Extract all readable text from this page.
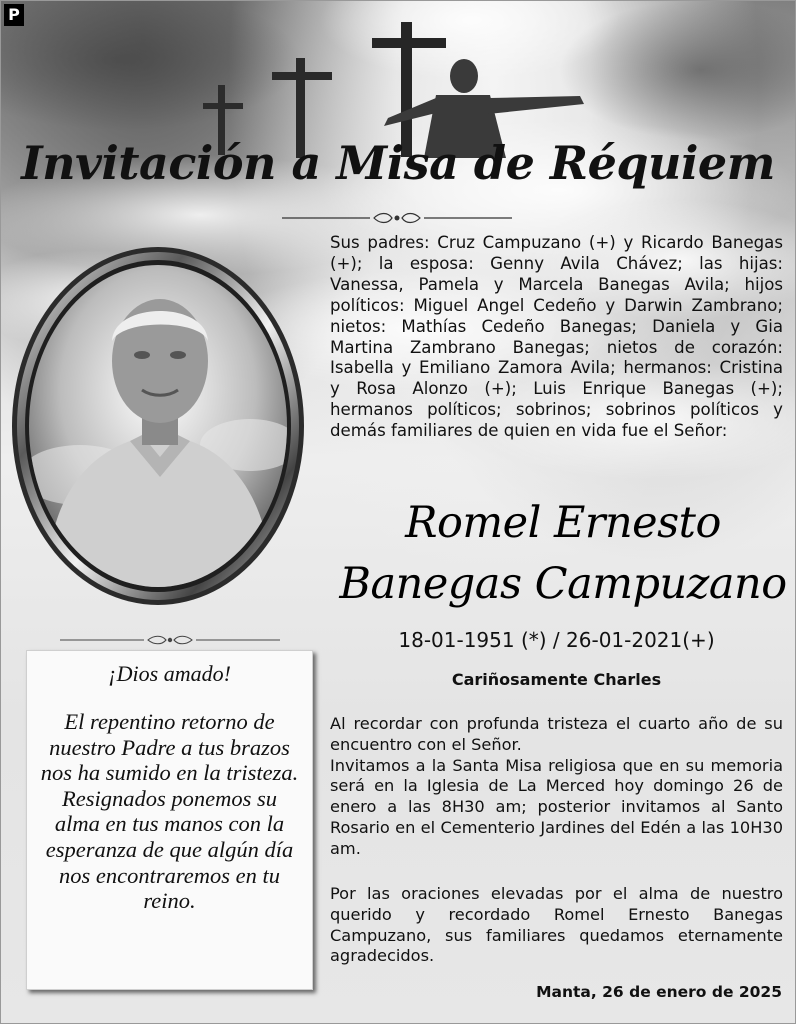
P
Invitación a Misa de Réquiem
Sus padres: Cruz Campuzano (+) y Ricardo Banegas (+); la esposa: Genny Avila Chávez; las hijas: Vanessa, Pamela y Marcela Banegas Avila; hijos políticos: Miguel Angel Cedeño y Darwin Zambrano; nietos: Mathías Cedeño Banegas; Daniela y Gia Martina Zambrano Banegas; nietos de corazón: Isabella y Emiliano Zamora Avila; hermanos: Cristina y Rosa Alonzo (+); Luis Enrique Banegas (+); hermanos políticos; sobrinos; sobrinos políticos y demás familiares de quien en vida fue el Señor:
Romel Ernesto
Banegas Campuzano
18-01-1951 (*) / 26-01-2021(+)
Cariñosamente Charles
Al recordar con profunda tristeza el cuarto año de su encuentro con el Señor.
Invitamos a la Santa Misa religiosa que en su memoria será en la Iglesia de La Merced hoy domingo 26 de enero a las 8H30 am; posterior invitamos al Santo Rosario en el Cementerio Jardines del Edén a las 10H30 am.
Por las oraciones elevadas por el alma de nuestro querido y recordado Romel Ernesto Banegas Campuzano, sus familiares quedamos eternamente agradecidos.
Manta, 26 de enero de 2025
¡Dios amado!
El repentino retorno de nuestro Padre a tus brazos nos ha sumido en la tristeza. Resignados ponemos su alma en tus manos con la esperanza de que algún día nos encontraremos en tu reino.
